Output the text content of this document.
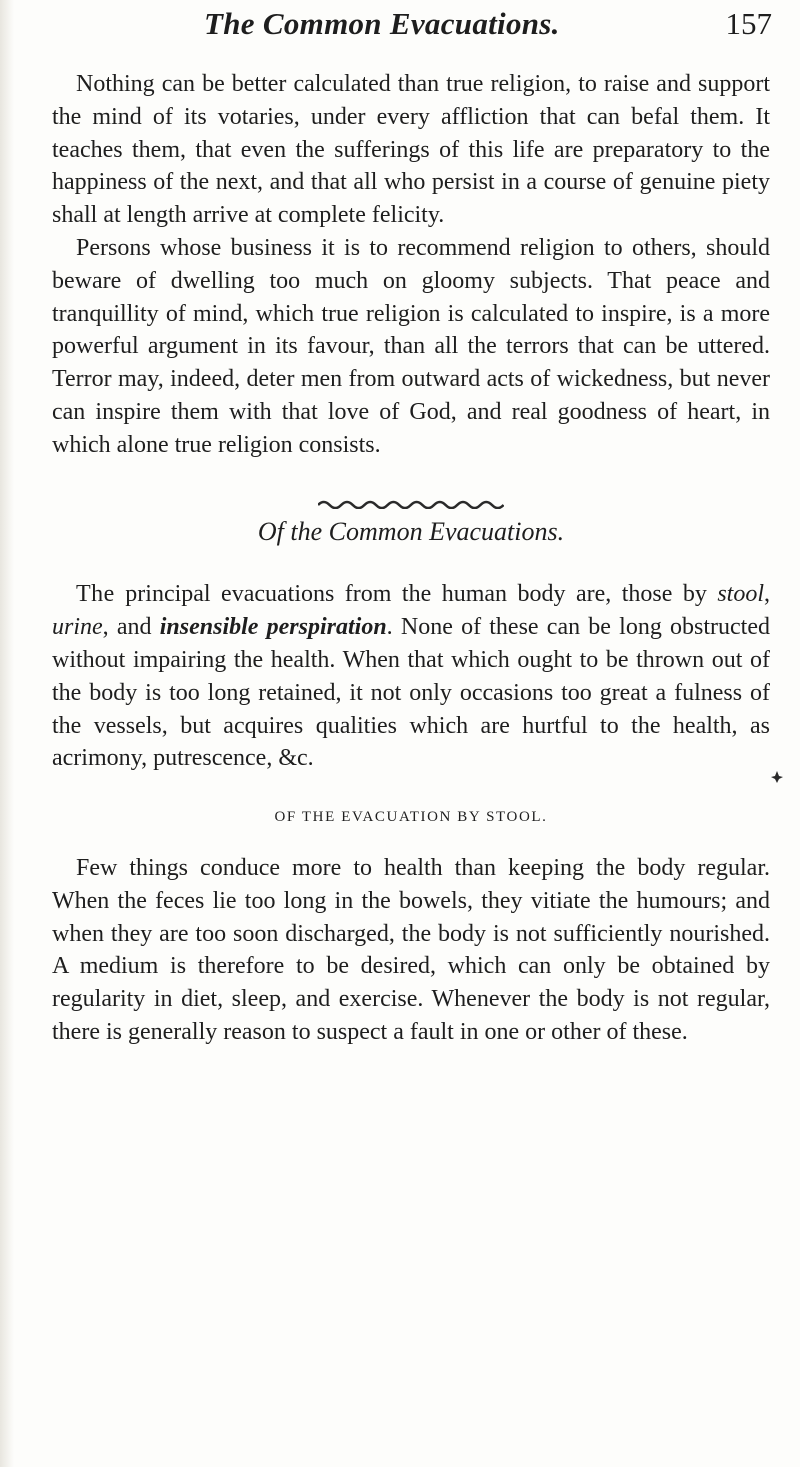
The Common Evacuations.	157

Nothing can be better calculated than true religion, to raise and support the mind of its votaries, under every affliction that can befal them. It teaches them, that even the sufferings of this life are preparatory to the happiness of the next, and that all who persist in a course of genuine piety shall at length arrive at complete felicity.

Persons whose business it is to recommend religion to others, should beware of dwelling too much on gloomy subjects. That peace and tranquillity of mind, which true religion is calculated to inspire, is a more powerful argument in its favour, than all the terrors that can be uttered. Terror may, indeed, deter men from outward acts of wickedness, but never can inspire them with that love of God, and real goodness of heart, in which alone true religion consists.

Of the Common Evacuations.

The principal evacuations from the human body are, those by stool, urine, and insensible perspiration. None of these can be long obstructed without impairing the health. When that which ought to be thrown out of the body is too long retained, it not only occasions too great a fulness of the vessels, but acquires qualities which are hurtful to the health, as acrimony, putrescence, &c.

OF THE EVACUATION BY STOOL.

Few things conduce more to health than keeping the body regular. When the feces lie too long in the bowels, they vitiate the humours; and when they are too soon discharged, the body is not sufficiently nourished. A medium is therefore to be desired, which can only be obtained by regularity in diet, sleep, and exercise. Whenever the body is not regular, there is generally reason to suspect a fault in one or other of these.
